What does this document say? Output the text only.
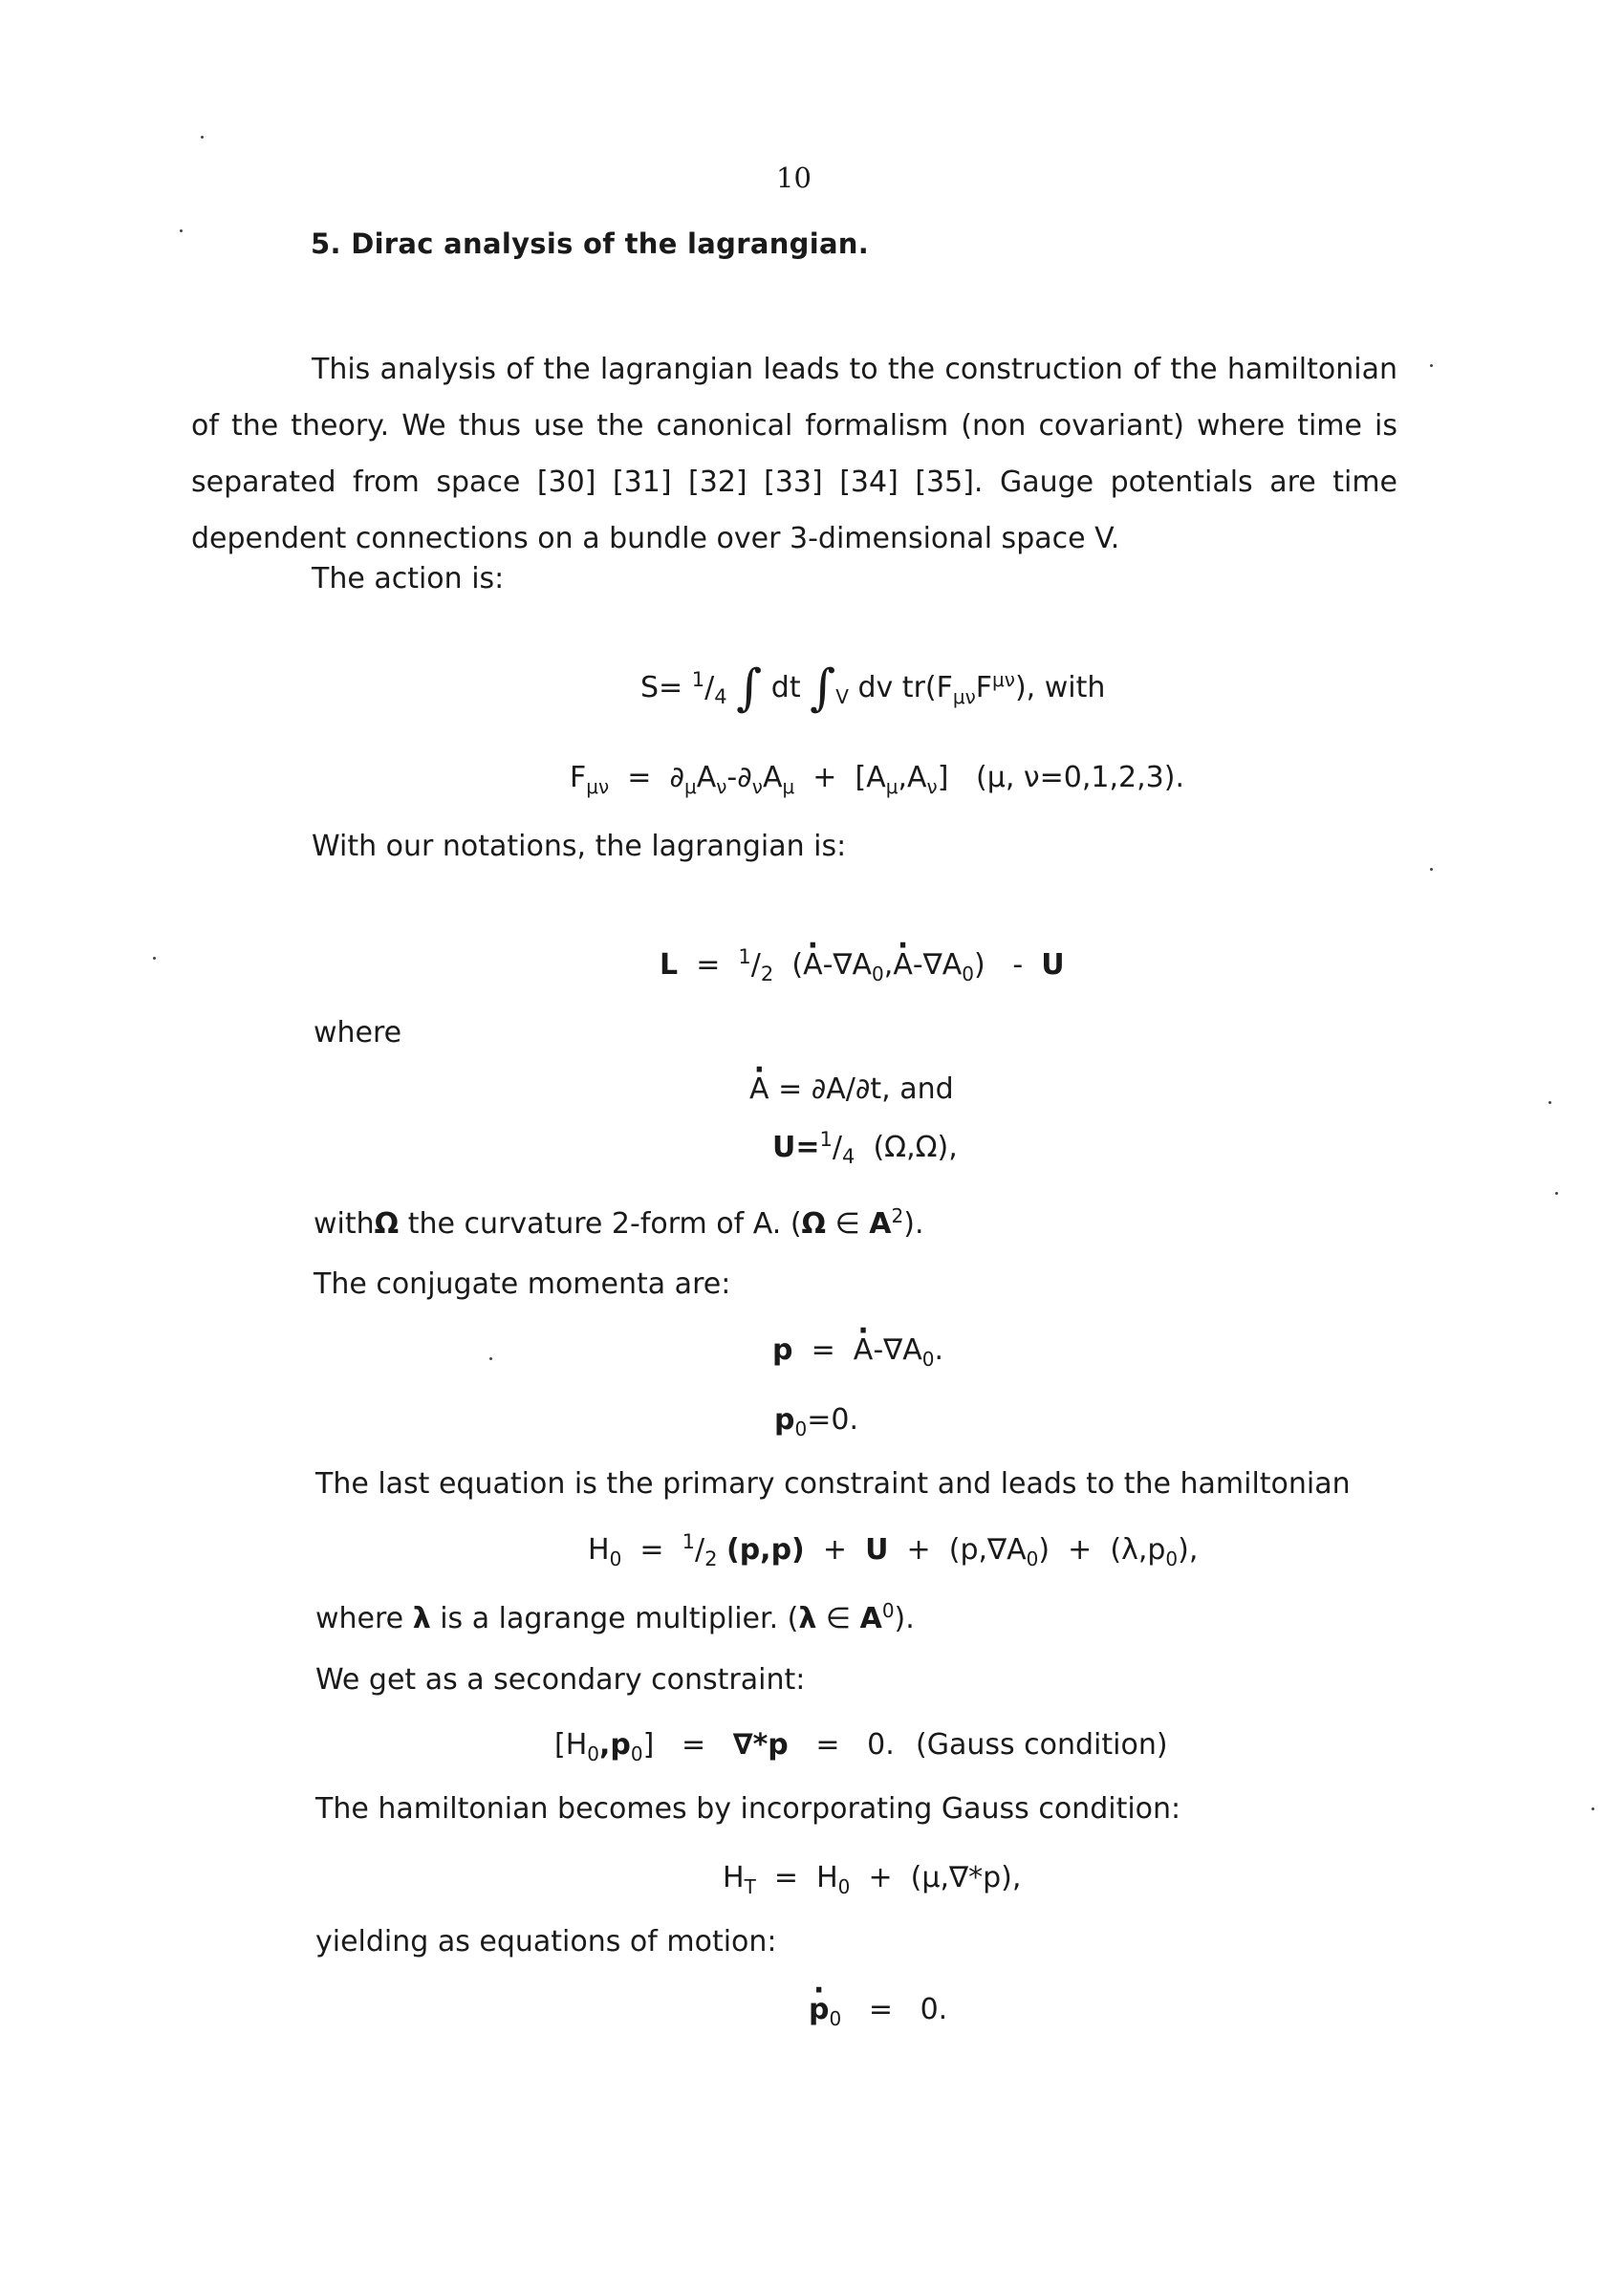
10
5. Dirac analysis of the lagrangian.

This analysis of the lagrangian leads to the construction of the hamiltonian of the theory. We thus use the canonical formalism (non covariant) where time is separated from space [30] [31] [32] [33] [34] [35]. Gauge potentials are time dependent connections on a bundle over 3-dimensional space V.

The action is:
$S= ^1/_4$ ∫ dt $\int_V$ dv $tr(F_{\mu\nu}F^{\mu\nu})$, with
$F_{\mu\nu} = \partial_\mu A_\nu-\partial_\nu A_\mu + [A_\mu,A_\nu]$ (μ, ν=0,1,2,3).
With our notations, the lagrangian is:
$L = ^1/_2$ $(A \cdot-\nabla A_0,A \cdot-\nabla A_0) - U$
where
A · = ∂A/∂t, and
$U=^1/_4$ (Ω,Ω),
withΩ the curvature 2-form of A. (Ω ∈ $A^2$).
The conjugate momenta are:
$p = A \cdot-\nabla A_0$.
$p_0=0$.
The last equation is the primary constraint and leads to the hamiltonian
$H_0 = ^1/_2$ $(p,p) + U + (p,\nabla A_0) + (\lambda,p_0)$,
where λ is a lagrange multiplier. (λ ∈ $A^0$).
We get as a secondary constraint:
$[H_0,p_0] = \nabla*p = 0$. (Gauss condition)
The hamiltonian becomes by incorporating Gauss condition:
$H_T = H_0 + (\mu,\nabla*p)$,
yielding as equations of motion:
$p \cdot_0 = 0$.
